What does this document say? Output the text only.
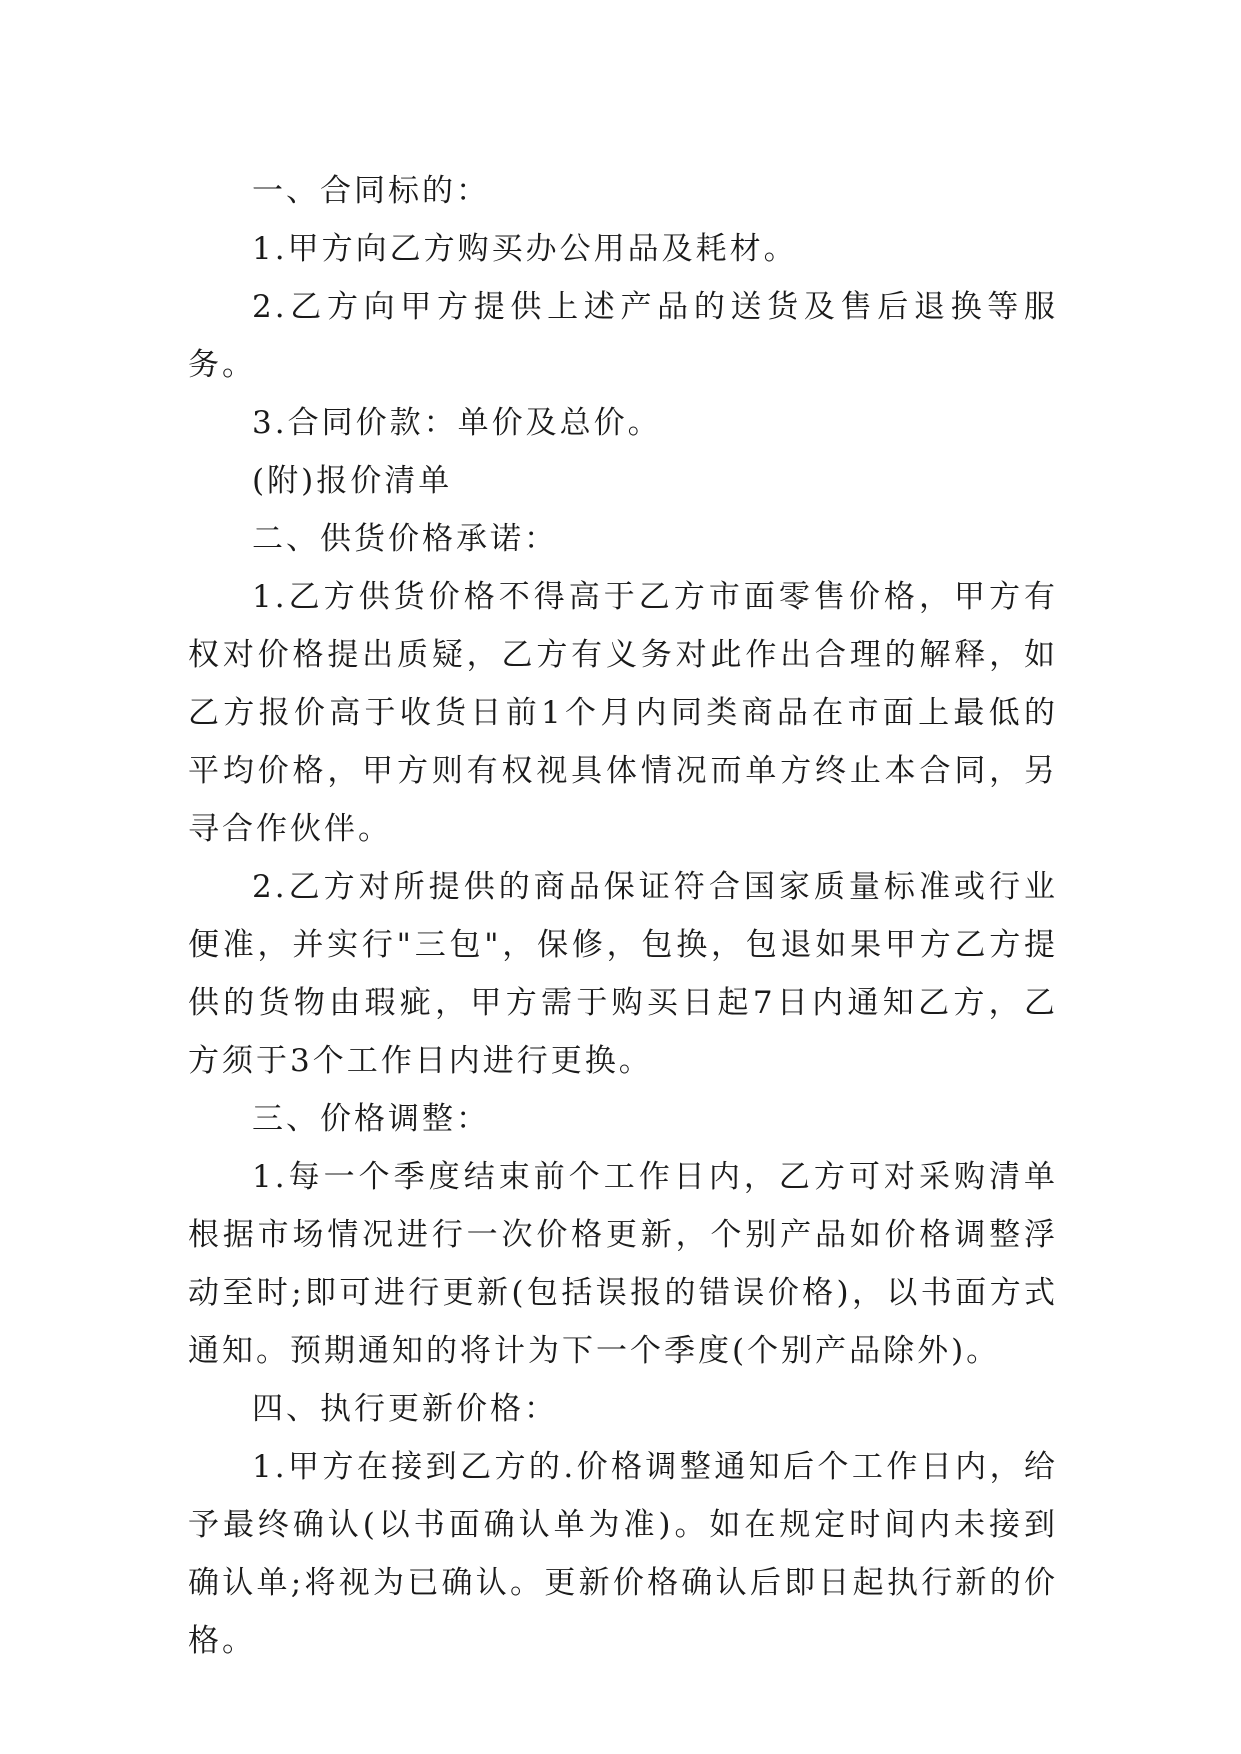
一、合同标的：

1.甲方向乙方购买办公用品及耗材。

2.乙方向甲方提供上述产品的送货及售后退换等服务。

3.合同价款：单价及总价。

(附)报价清单

二、供货价格承诺：

1.乙方供货价格不得高于乙方市面零售价格，甲方有权对价格提出质疑，乙方有义务对此作出合理的解释，如乙方报价高于收货日前1个月内同类商品在市面上最低的平均价格，甲方则有权视具体情况而单方终止本合同，另寻合作伙伴。

2.乙方对所提供的商品保证符合国家质量标准或行业便准，并实行"三包"，保修，包换，包退如果甲方乙方提供的货物由瑕疵，甲方需于购买日起7日内通知乙方，乙方须于3个工作日内进行更换。

三、价格调整：

1.每一个季度结束前个工作日内，乙方可对采购清单根据市场情况进行一次价格更新，个别产品如价格调整浮动至时;即可进行更新(包括误报的错误价格)，以书面方式通知。预期通知的将计为下一个季度(个别产品除外)。

四、执行更新价格：

1.甲方在接到乙方的.价格调整通知后个工作日内，给予最终确认(以书面确认单为准)。如在规定时间内未接到确认单;将视为已确认。更新价格确认后即日起执行新的价格。
